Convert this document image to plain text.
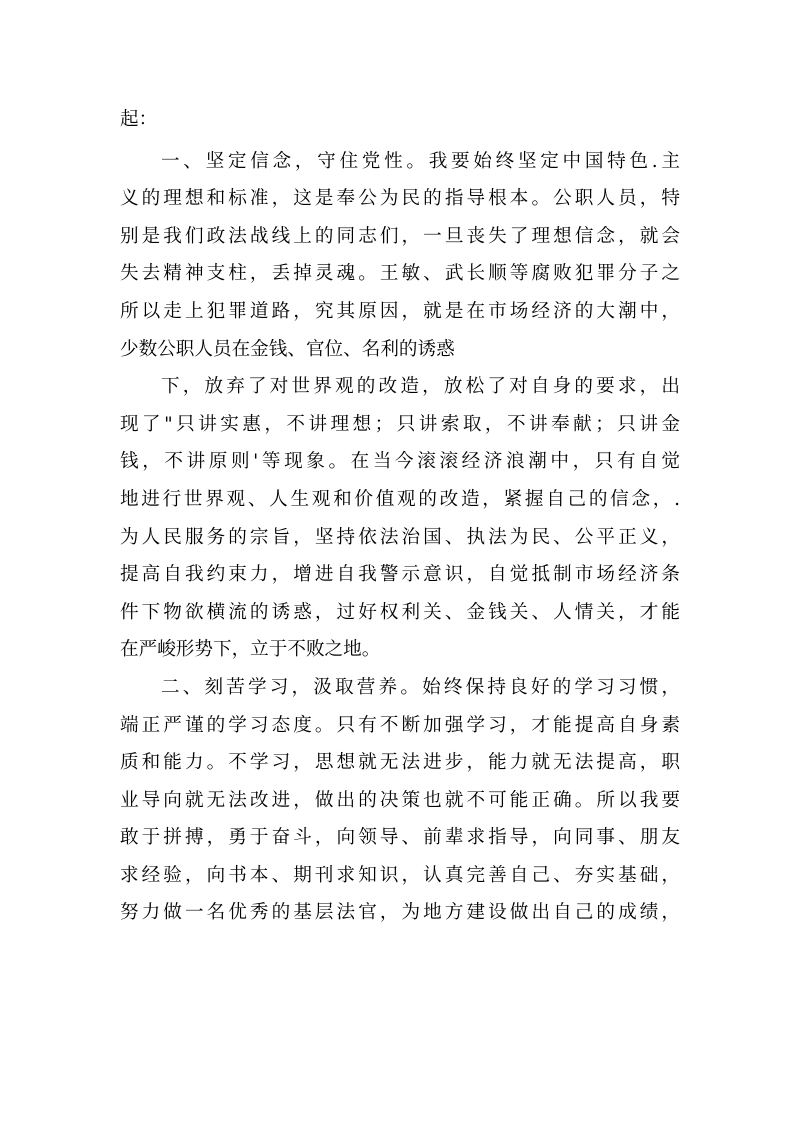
起：
一、坚定信念，守住党性。我要始终坚定中国特色.主
义的理想和标准，这是奉公为民的指导根本。公职人员，特
别是我们政法战线上的同志们，一旦丧失了理想信念，就会
失去精神支柱，丢掉灵魂。王敏、武长顺等腐败犯罪分子之
所以走上犯罪道路，究其原因，就是在市场经济的大潮中，
少数公职人员在金钱、官位、名利的诱惑
下，放弃了对世界观的改造，放松了对自身的要求，出
现了"只讲实惠，不讲理想；只讲索取，不讲奉献；只讲金
钱，不讲原则'等现象。在当今滚滚经济浪潮中，只有自觉
地进行世界观、人生观和价值观的改造，紧握自己的信念，.
为人民服务的宗旨，坚持依法治国、执法为民、公平正义，
提高自我约束力，增进自我警示意识，自觉抵制市场经济条
件下物欲横流的诱惑，过好权利关、金钱关、人情关，才能
在严峻形势下，立于不败之地。
二、刻苦学习，汲取营养。始终保持良好的学习习惯，
端正严谨的学习态度。只有不断加强学习，才能提高自身素
质和能力。不学习，思想就无法进步，能力就无法提高，职
业导向就无法改进，做出的决策也就不可能正确。所以我要
敢于拼搏，勇于奋斗，向领导、前辈求指导，向同事、朋友
求经验，向书本、期刊求知识，认真完善自己、夯实基础，
努力做一名优秀的基层法官，为地方建设做出自己的成绩，
